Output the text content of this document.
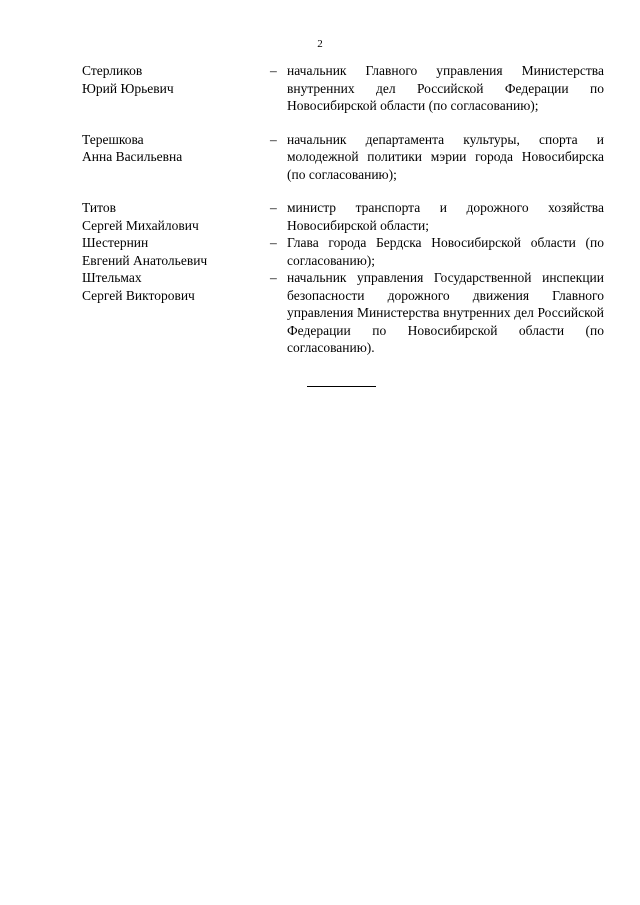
2
Стерликов
Юрий Юрьевич
– начальник Главного управления Министерства внутренних дел Российской Федерации по Новосибирской области (по согласованию);
Терешкова
Анна Васильевна
– начальник департамента культуры, спорта и молодежной политики мэрии города Новосибирска (по согласованию);
Титов
Сергей Михайлович
– министр транспорта и дорожного хозяйства Новосибирской области;
Шестернин
Евгений Анатольевич
– Глава города Бердска Новосибирской области (по согласованию);
Штельмах
Сергей Викторович
– начальник управления Государственной инспекции безопасности дорожного движения Главного управления Министерства внутренних дел Российской Федерации по Новосибирской области (по согласованию).
